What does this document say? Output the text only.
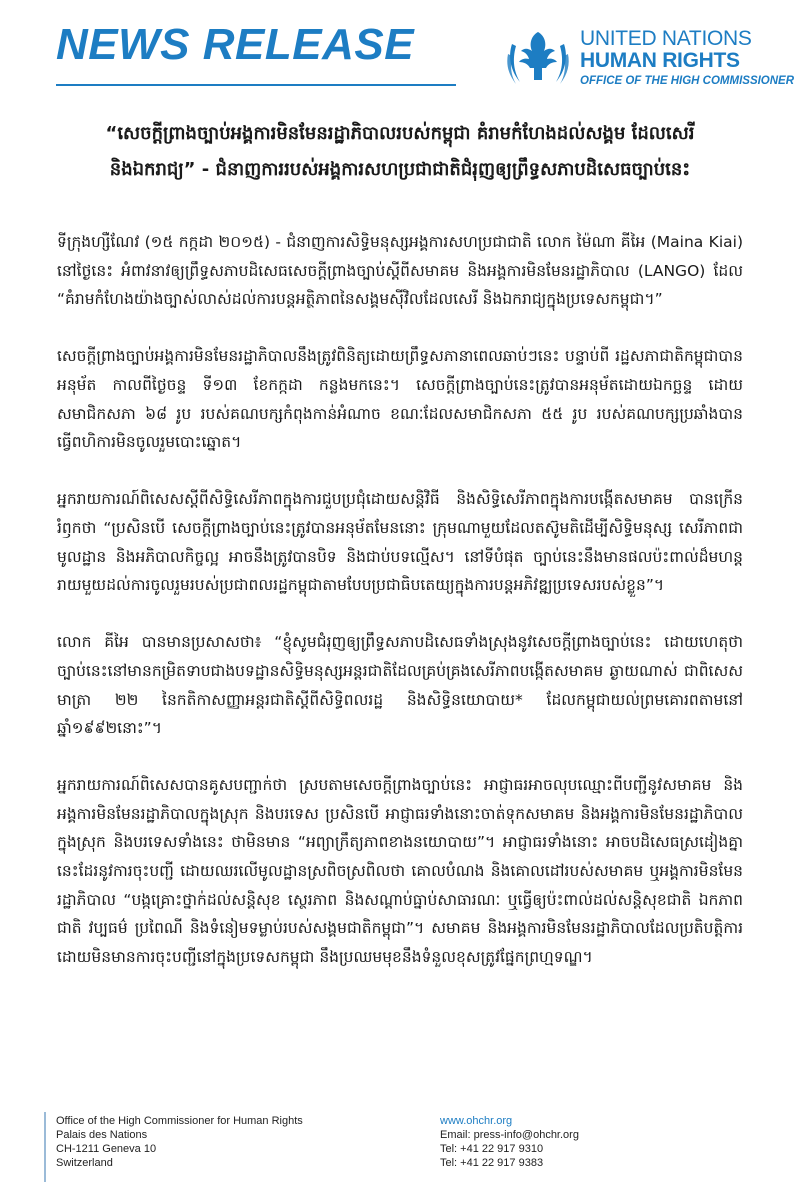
NEWS RELEASE	UNITED NATIONS
HUMAN RIGHTS
OFFICE OF THE HIGH COMMISSIONER
“សេចក្តីព្រាងច្បាប់អង្គការមិនមែនរដ្ឋាភិបាលរបស់កម្ពុជា គំរាមកំហែងដល់សង្គម ដែលសេរី
និងឯករាជ្យ” - ជំនាញការរបស់អង្គការសហប្រជាជាតិជំរុញឲ្យព្រឹទ្ធសភាបដិសេធច្បាប់នេះ

ទីក្រុងហ្សឺណែវ (១៥ កក្កដា ២០១៥) - ជំនាញការសិទ្ធិមនុស្សអង្គការសហប្រជាជាតិ លោក ម៉ៃណា គីអៃ (Maina Kiai) នៅថ្ងៃនេះ អំពាវនាវឲ្យព្រឹទ្ធសភាបដិសេធសេចក្តីព្រាងច្បាប់ស្តីពីសមាគម និងអង្គការមិនមែនរដ្ឋាភិបាល (LANGO) ដែល “គំរាមកំហែងយ៉ាងច្បាស់លាស់ដល់ការបន្តអត្ថិភាពនៃសង្គមស៊ីវិលដែលសេរី និងឯករាជ្យក្នុងប្រទេសកម្ពុជា។”

សេចក្តីព្រាងច្បាប់អង្គការមិនមែនរដ្ឋាភិបាលនឹងត្រូវពិនិត្យដោយព្រឹទ្ធសភានាពេលឆាប់ៗនេះ បន្ទាប់ពី រដ្ឋសភាជាតិកម្ពុជាបានអនុម័ត កាលពីថ្ងៃចន្ទ ទី១៣ ខែកក្កដា កន្លងមកនេះ។ សេចក្តីព្រាងច្បាប់នេះត្រូវបានអនុម័តដោយឯកច្ឆន្ទ ដោយសមាជិកសភា ៦៨ រូប របស់គណបក្សកំពុងកាន់អំណាច ខណៈដែលសមាជិកសភា ៥៥ រូប របស់គណបក្សប្រឆាំងបានធ្វើពហិការមិនចូលរួមបោះឆ្នោត។

អ្នករាយការណ៍ពិសេសស្តីពីសិទ្ធិសេរីភាពក្នុងការជួបប្រជុំដោយសន្តិវិធី និងសិទ្ធិសេរីភាពក្នុងការបង្កើតសមាគម បានក្រើនរំឭកថា “ប្រសិនបើ សេចក្តីព្រាងច្បាប់នេះត្រូវបានអនុម័តមែននោះ ក្រុមណាមួយដែលតស៊ូមតិដើម្បីសិទ្ធិមនុស្ស សេរីភាពជាមូលដ្ឋាន និងអភិបាលកិច្ចល្អ អាចនឹងត្រូវបានបិទ និងជាប់បទល្មើស។ នៅទីបំផុត ច្បាប់នេះនឹងមានផលប៉ះពាល់ដ៏មហន្តរាយមួយដល់ការចូលរួមរបស់ប្រជាពលរដ្ឋកម្ពុជាតាមបែបប្រជាធិបតេយ្យក្នុងការបន្តអភិវឌ្ឍប្រទេសរបស់ខ្លួន”។

លោក គីអៃ បានមានប្រសាសថា៖ “ខ្ញុំសូមជំរុញឲ្យព្រឹទ្ធសភាបដិសេធទាំងស្រុងនូវសេចក្តីព្រាងច្បាប់នេះ ដោយហេតុថា ច្បាប់នេះនៅមានកម្រិតទាបជាងបទដ្ឋានសិទ្ធិមនុស្សអន្តរជាតិដែលគ្រប់គ្រងសេរីភាពបង្កើតសមាគម ឆ្ងាយណាស់ ជាពិសេស មាត្រា ២២ នៃកតិកាសញ្ញាអន្តរជាតិស្តីពីសិទ្ធិពលរដ្ឋ និងសិទ្ធិនយោបាយ* ដែលកម្ពុជាយល់ព្រមគោរពតាមនៅឆ្នាំ១៩៩២នោះ”។

អ្នករាយការណ៍ពិសេសបានគូសបញ្ជាក់ថា ស្របតាមសេចក្តីព្រាងច្បាប់នេះ អាជ្ញាធរអាចលុបឈ្មោះពីបញ្ជីនូវសមាគម និងអង្គការមិនមែនរដ្ឋាភិបាលក្នុងស្រុក និងបរទេស ប្រសិនបើ អាជ្ញាធរទាំងនោះចាត់ទុកសមាគម និងអង្គការមិនមែនរដ្ឋាភិបាលក្នុងស្រុក និងបរទេសទាំងនេះ ថាមិនមាន “អព្យាក្រឹត្យភាពខាងនយោបាយ”។ អាជ្ញាធរទាំងនោះ អាចបដិសេធស្រដៀងគ្នានេះដែរនូវការចុះបញ្ជី ដោយឈរលើមូលដ្ឋានស្រពិចស្រពិលថា គោលបំណង និងគោលដៅរបស់សមាគម ឬអង្គការមិនមែនរដ្ឋាភិបាល “បង្កគ្រោះថ្នាក់ដល់សន្តិសុខ ស្ថេរភាព និងសណ្តាប់ធ្នាប់សាធារណៈ ឬធ្វើឲ្យប៉ះពាល់ដល់សន្តិសុខជាតិ ឯកភាពជាតិ វប្បធម៌ ប្រពៃណី និងទំនៀមទម្លាប់របស់សង្គមជាតិកម្ពុជា”។ សមាគម និងអង្គការមិនមែនរដ្ឋាភិបាលដែលប្រតិបត្តិការដោយមិនមានការចុះបញ្ជីនៅក្នុងប្រទេសកម្ពុជា នឹងប្រឈមមុខនឹងទំនួលខុសត្រូវផ្នែកព្រហ្មទណ្ឌ។

Office of the High Commissioner for Human Rights
Palais des Nations
CH-1211 Geneva 10
Switzerland
www.ohchr.org
Email: press-info@ohchr.org
Tel: +41 22 917 9310
Tel: +41 22 917 9383
